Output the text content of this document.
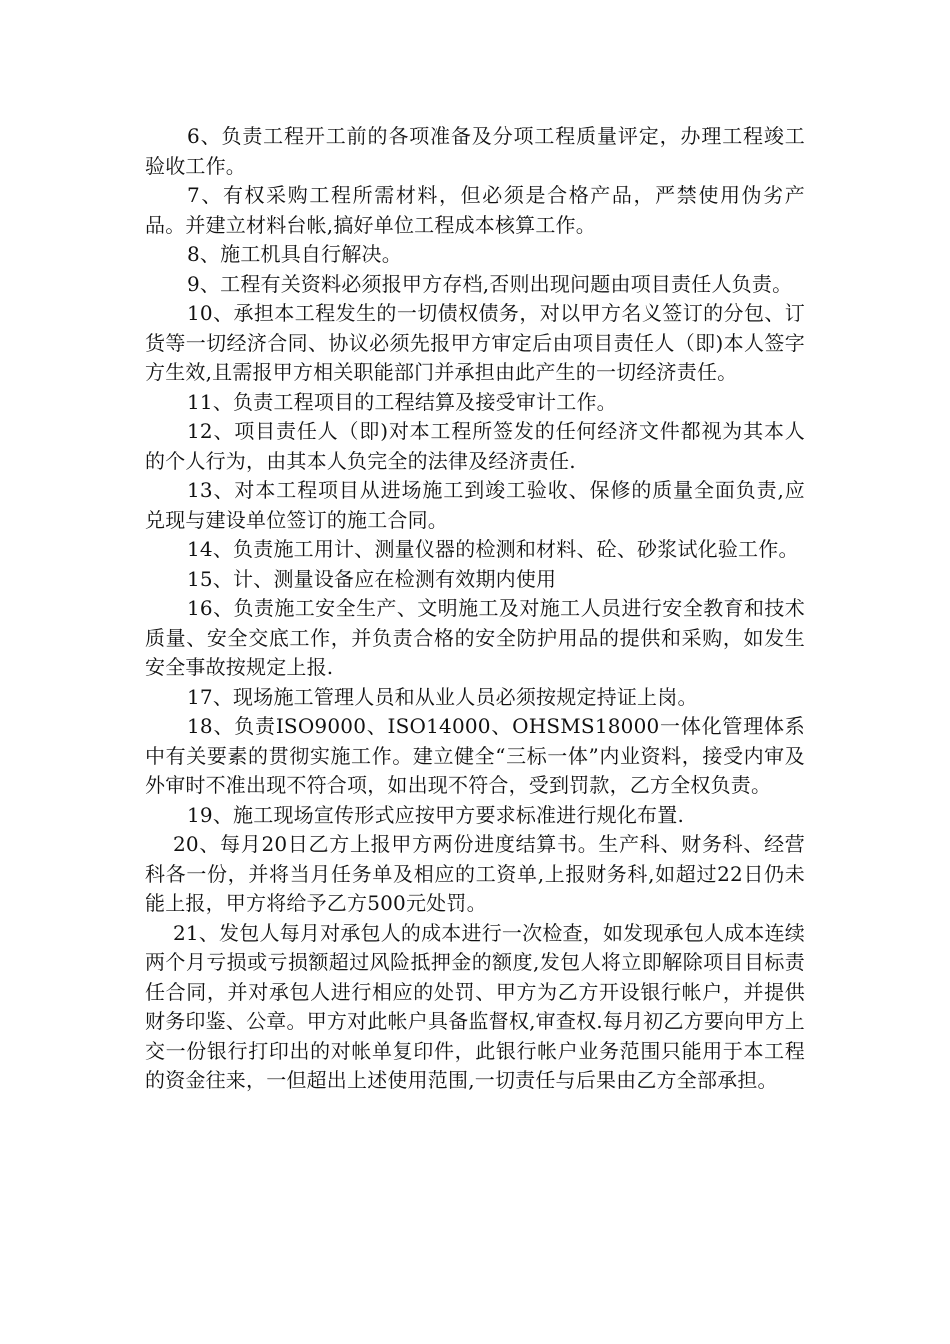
6、负责工程开工前的各项准备及分项工程质量评定，办理工程竣工验收工作。

7、有权采购工程所需材料，但必须是合格产品，严禁使用伪劣产品。并建立材料台帐,搞好单位工程成本核算工作。

8、施工机具自行解决。

9、工程有关资料必须报甲方存档,否则出现问题由项目责任人负责。

10、承担本工程发生的一切债权债务，对以甲方名义签订的分包、订货等一切经济合同、协议必须先报甲方审定后由项目责任人（即)本人签字方生效,且需报甲方相关职能部门并承担由此产生的一切经济责任。

11、负责工程项目的工程结算及接受审计工作。

12、项目责任人（即)对本工程所签发的任何经济文件都视为其本人的个人行为，由其本人负完全的法律及经济责任.

13、对本工程项目从进场施工到竣工验收、保修的质量全面负责,应兑现与建设单位签订的施工合同。

14、负责施工用计、测量仪器的检测和材料、砼、砂浆试化验工作。

15、计、测量设备应在检测有效期内使用

16、负责施工安全生产、文明施工及对施工人员进行安全教育和技术质量、安全交底工作，并负责合格的安全防护用品的提供和采购，如发生安全事故按规定上报.

17、现场施工管理人员和从业人员必须按规定持证上岗。

18、负责ISO9000、ISO14000、OHSMS18000一体化管理体系中有关要素的贯彻实施工作。建立健全“三标一体”内业资料，接受内审及外审时不准出现不符合项，如出现不符合，受到罚款，乙方全权负责。

19、施工现场宣传形式应按甲方要求标准进行规化布置.

20、每月20日乙方上报甲方两份进度结算书。生产科、财务科、经营科各一份，并将当月任务单及相应的工资单,上报财务科,如超过22日仍未能上报，甲方将给予乙方500元处罚。

21、发包人每月对承包人的成本进行一次检查，如发现承包人成本连续两个月亏损或亏损额超过风险抵押金的额度,发包人将立即解除项目目标责任合同，并对承包人进行相应的处罚、甲方为乙方开设银行帐户，并提供财务印鉴、公章。甲方对此帐户具备监督权,审查权.每月初乙方要向甲方上交一份银行打印出的对帐单复印件，此银行帐户业务范围只能用于本工程的资金往来，一但超出上述使用范围,一切责任与后果由乙方全部承担。
